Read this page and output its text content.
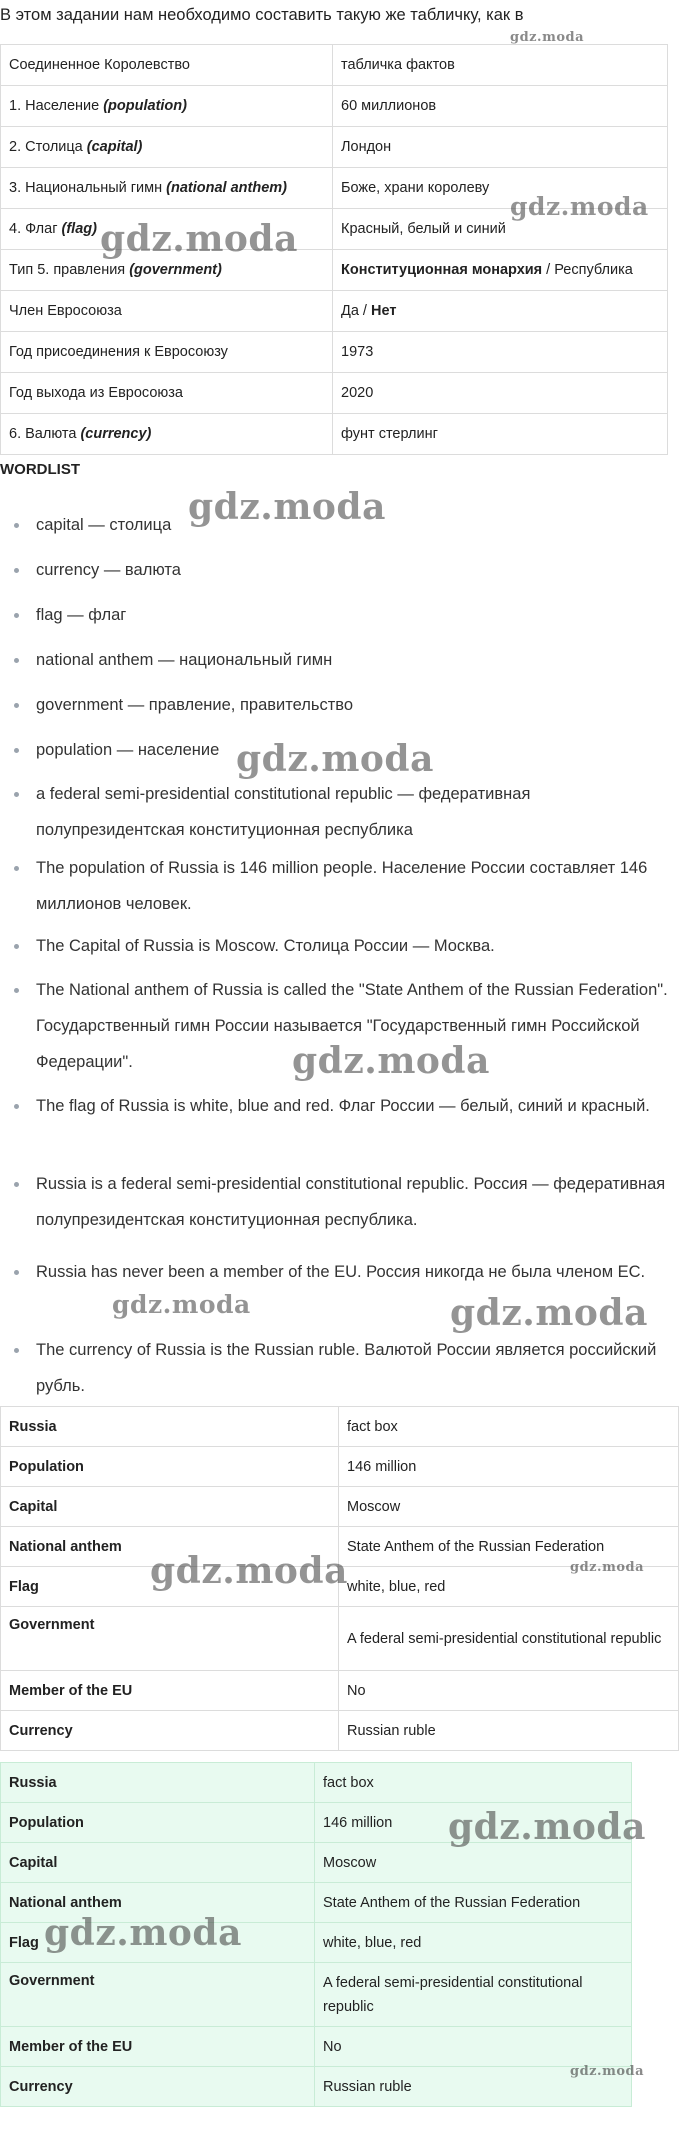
В этом задании нам необходимо составить такую же табличку, как в
Соединенное Королевство	табличка фактов
1. Население (population)	60 миллионов
2. Столица (capital)	Лондон
3. Национальный гимн (national anthem)	Боже, храни королеву
4. Флаг (flag)	Красный, белый и синий
Тип 5. правления (government)	Конституционная монархия / Республика
Член Евросоюза	Да / Нет
Год присоединения к Евросоюзу	1973
Год выхода из Евросоюза	2020
6. Валюта (currency)	фунт стерлинг
WORDLIST
capital — столица
currency — валюта
flag — флаг
national anthem — национальный гимн
government — правление, правительство
population — население
a federal semi-presidential constitutional republic — федеративная полупрезидентская конституционная республика
The population of Russia is 146 million people. Население России составляет 146 миллионов человек.
The Capital of Russia is Moscow. Столица России — Москва.
The National anthem of Russia is called the "State Anthem of the Russian Federation". Государственный гимн России называется "Государственный гимн Российской Федерации".
The flag of Russia is white, blue and red. Флаг России — белый, синий и красный.
Russia is a federal semi-presidential constitutional republic. Россия — федеративная полупрезидентская конституционная республика.
Russia has never been a member of the EU. Россия никогда не была членом ЕС.
The currency of Russia is the Russian ruble. Валютой России является российский рубль.
Russia	fact box
Population	146 million
Capital	Moscow
National anthem	State Anthem of the Russian Federation
Flag	white, blue, red
Government	A federal semi-presidential constitutional republic
Member of the EU	No
Currency	Russian ruble
Russia	fact box
Population	146 million
Capital	Moscow
National anthem	State Anthem of the Russian Federation
Flag	white, blue, red
Government	A federal semi-presidential constitutional republic
Member of the EU	No
Currency	Russian ruble
gdz.moda
gdz.moda
gdz.moda
gdz.moda
gdz.moda
gdz.moda
gdz.moda	gdz.moda
gdz.moda	gdz.moda
gdz.moda
gdz.moda
gdz.moda
